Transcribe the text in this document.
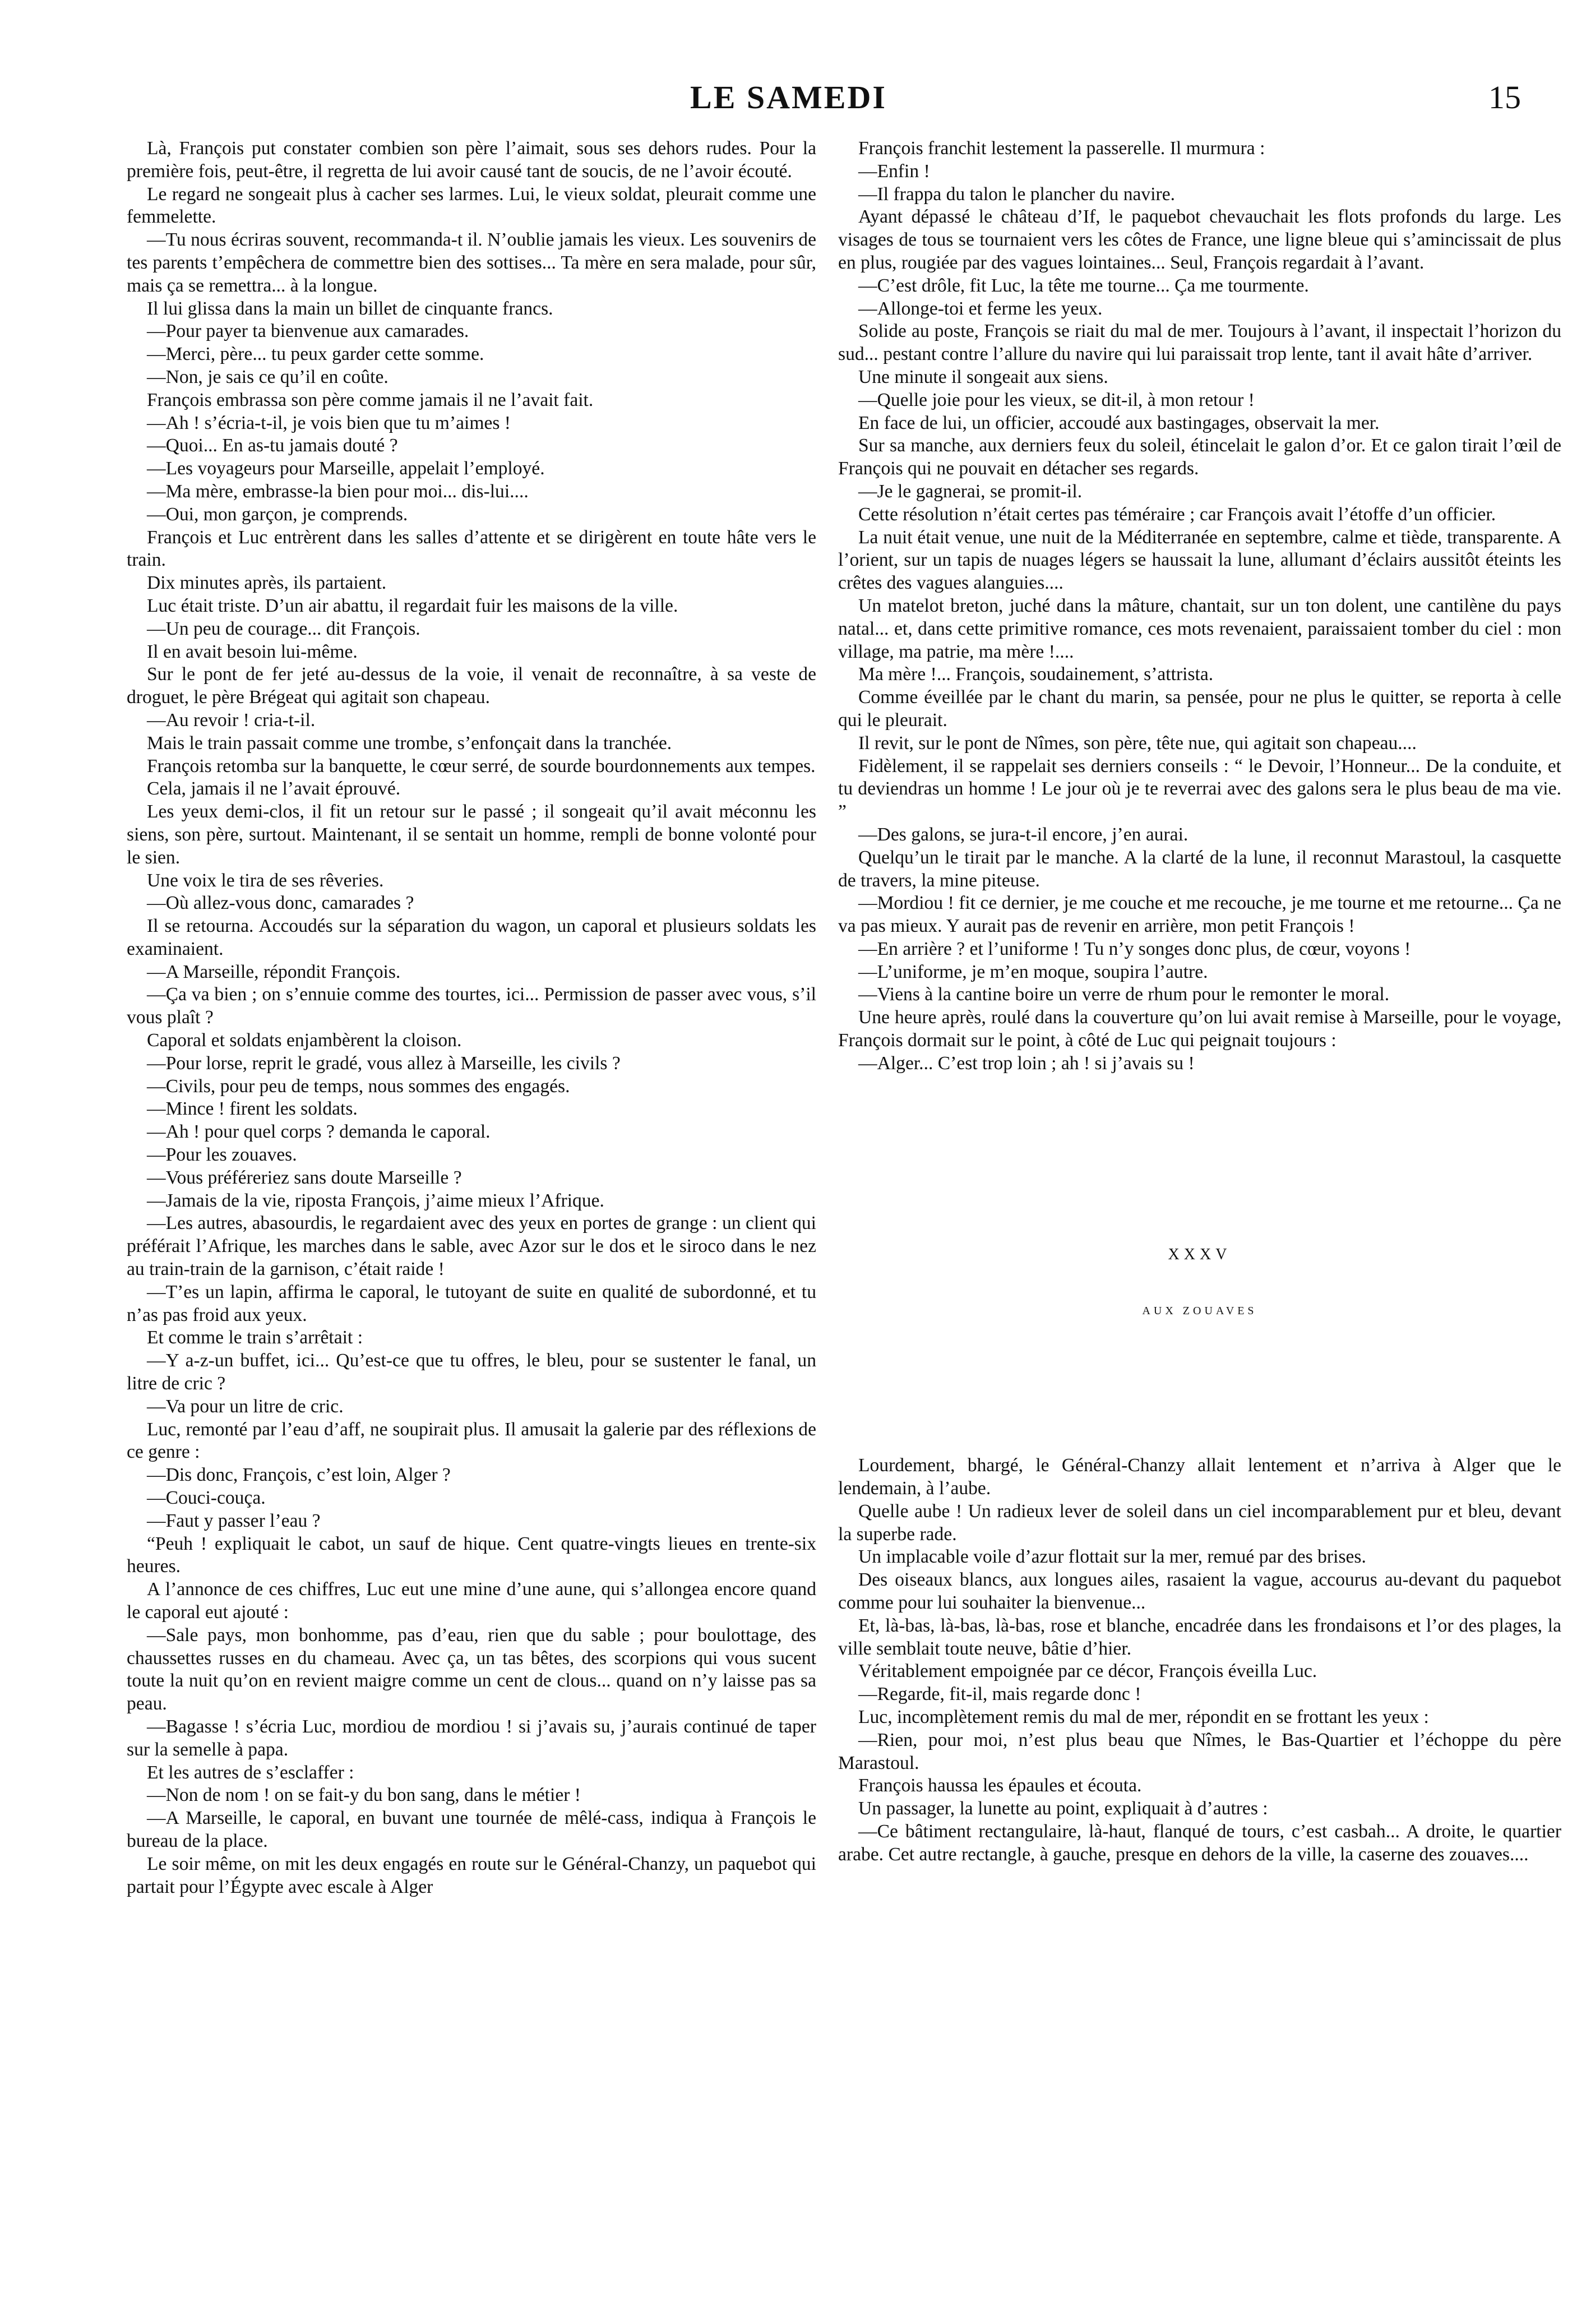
LE SAMEDI	15

Là, François put constater combien son père l’aimait, sous ses dehors rudes. Pour la première fois, peut-être, il regretta de lui avoir causé tant de soucis, de ne l’avoir écouté.

Le regard ne songeait plus à cacher ses larmes. Lui, le vieux soldat, pleurait comme une femmelette.

—Tu nous écriras souvent, recommanda-t il. N’oublie jamais les vieux. Les souvenirs de tes parents t’empêchera de commettre bien des sottises... Ta mère en sera malade, pour sûr, mais ça se remettra... à la longue.

Il lui glissa dans la main un billet de cinquante francs.

—Pour payer ta bienvenue aux camarades.

—Merci, père... tu peux garder cette somme.

—Non, je sais ce qu’il en coûte.

François embrassa son père comme jamais il ne l’avait fait.

—Ah ! s’écria-t-il, je vois bien que tu m’aimes !

—Quoi... En as-tu jamais douté ?

—Les voyageurs pour Marseille, appelait l’employé.

—Ma mère, embrasse-la bien pour moi... dis-lui....

—Oui, mon garçon, je comprends.

François et Luc entrèrent dans les salles d’attente et se dirigèrent en toute hâte vers le train.

Dix minutes après, ils partaient.

Luc était triste. D’un air abattu, il regardait fuir les maisons de la ville.

—Un peu de courage... dit François.

Il en avait besoin lui-même.

Sur le pont de fer jeté au-dessus de la voie, il venait de reconnaître, à sa veste de droguet, le père Brégeat qui agitait son chapeau.

—Au revoir ! cria-t-il.

Mais le train passait comme une trombe, s’enfonçait dans la tranchée.

François retomba sur la banquette, le cœur serré, de sourde bourdonnements aux tempes.

Cela, jamais il ne l’avait éprouvé.

Les yeux demi-clos, il fit un retour sur le passé ; il songeait qu’il avait méconnu les siens, son père, surtout. Maintenant, il se sentait un homme, rempli de bonne volonté pour le sien.

Une voix le tira de ses rêveries.

—Où allez-vous donc, camarades ?

Il se retourna. Accoudés sur la séparation du wagon, un caporal et plusieurs soldats les examinaient.

—A Marseille, répondit François.

—Ça va bien ; on s’ennuie comme des tourtes, ici... Permission de passer avec vous, s’il vous plaît ?

Caporal et soldats enjambèrent la cloison.

—Pour lorse, reprit le gradé, vous allez à Marseille, les civils ?

—Civils, pour peu de temps, nous sommes des engagés.

—Mince ! firent les soldats.

—Ah ! pour quel corps ? demanda le caporal.

—Pour les zouaves.

—Vous préféreriez sans doute Marseille ?

—Jamais de la vie, riposta François, j’aime mieux l’Afrique.

—Les autres, abasourdis, le regardaient avec des yeux en portes de grange : un client qui préférait l’Afrique, les marches dans le sable, avec Azor sur le dos et le siroco dans le nez au train-train de la garnison, c’était raide !

—T’es un lapin, affirma le caporal, le tutoyant de suite en qualité de subordonné, et tu n’as pas froid aux yeux.

Et comme le train s’arrêtait :

—Y a-z-un buffet, ici... Qu’est-ce que tu offres, le bleu, pour se sustenter le fanal, un litre de cric ?

—Va pour un litre de cric.

Luc, remonté par l’eau d’aff, ne soupirait plus. Il amusait la galerie par des réflexions de ce genre :

—Dis donc, François, c’est loin, Alger ?

—Couci-couça.

—Faut y passer l’eau ?

“Peuh ! expliquait le cabot, un sauf de hique. Cent quatre-vingts lieues en trente-six heures.

A l’annonce de ces chiffres, Luc eut une mine d’une aune, qui s’allongea encore quand le caporal eut ajouté :

—Sale pays, mon bonhomme, pas d’eau, rien que du sable ; pour boulottage, des chaussettes russes en du chameau. Avec ça, un tas bêtes, des scorpions qui vous sucent toute la nuit qu’on en revient maigre comme un cent de clous... quand on n’y laisse pas sa peau.

—Bagasse ! s’écria Luc, mordiou de mordiou ! si j’avais su, j’aurais continué de taper sur la semelle à papa.

Et les autres de s’esclaffer :

—Non de nom ! on se fait-y du bon sang, dans le métier !

—A Marseille, le caporal, en buvant une tournée de mêlé-cass, indiqua à François le bureau de la place.

Le soir même, on mit les deux engagés en route sur le Général-Chanzy, un paquebot qui partait pour l’Égypte avec escale à Alger

François franchit lestement la passerelle. Il murmura :

—Enfin !

—Il frappa du talon le plancher du navire.

Ayant dépassé le château d’If, le paquebot chevauchait les flots profonds du large. Les visages de tous se tournaient vers les côtes de France, une ligne bleue qui s’amincissait de plus en plus, rougiée par des vagues lointaines... Seul, François regardait à l’avant.

—C’est drôle, fit Luc, la tête me tourne... Ça me tourmente.

—Allonge-toi et ferme les yeux.

Solide au poste, François se riait du mal de mer. Toujours à l’avant, il inspectait l’horizon du sud... pestant contre l’allure du navire qui lui paraissait trop lente, tant il avait hâte d’arriver.

Une minute il songeait aux siens.

—Quelle joie pour les vieux, se dit-il, à mon retour !

En face de lui, un officier, accoudé aux bastingages, observait la mer.

Sur sa manche, aux derniers feux du soleil, étincelait le galon d’or. Et ce galon tirait l’œil de François qui ne pouvait en détacher ses regards.

—Je le gagnerai, se promit-il.

Cette résolution n’était certes pas téméraire ; car François avait l’étoffe d’un officier.

La nuit était venue, une nuit de la Méditerranée en septembre, calme et tiède, transparente. A l’orient, sur un tapis de nuages légers se haussait la lune, allumant d’éclairs aussitôt éteints les crêtes des vagues alanguies....

Un matelot breton, juché dans la mâture, chantait, sur un ton dolent, une cantilène du pays natal... et, dans cette primitive romance, ces mots revenaient, paraissaient tomber du ciel : mon village, ma patrie, ma mère !....

Ma mère !... François, soudainement, s’attrista.

Comme éveillée par le chant du marin, sa pensée, pour ne plus le quitter, se reporta à celle qui le pleurait.

Il revit, sur le pont de Nîmes, son père, tête nue, qui agitait son chapeau....

Fidèlement, il se rappelait ses derniers conseils : “ le Devoir, l’Honneur... De la conduite, et tu deviendras un homme ! Le jour où je te reverrai avec des galons sera le plus beau de ma vie. ”

—Des galons, se jura-t-il encore, j’en aurai.

Quelqu’un le tirait par le manche. A la clarté de la lune, il reconnut Marastoul, la casquette de travers, la mine piteuse.

—Mordiou ! fit ce dernier, je me couche et me recouche, je me tourne et me retourne... Ça ne va pas mieux. Y aurait pas de revenir en arrière, mon petit François !

—En arrière ? et l’uniforme ! Tu n’y songes donc plus, de cœur, voyons !

—L’uniforme, je m’en moque, soupira l’autre.

—Viens à la cantine boire un verre de rhum pour le remonter le moral.

Une heure après, roulé dans la couverture qu’on lui avait remise à Marseille, pour le voyage, François dormait sur le point, à côté de Luc qui peignait toujours :

—Alger... C’est trop loin ; ah ! si j’avais su !

XXXV
AUX ZOUAVES

Lourdement, bhargé, le Général-Chanzy allait lentement et n’arriva à Alger que le lendemain, à l’aube.

Quelle aube ! Un radieux lever de soleil dans un ciel incomparablement pur et bleu, devant la superbe rade.

Un implacable voile d’azur flottait sur la mer, remué par des brises.

Des oiseaux blancs, aux longues ailes, rasaient la vague, accourus au-devant du paquebot comme pour lui souhaiter la bienvenue...

Et, là-bas, là-bas, là-bas, rose et blanche, encadrée dans les frondaisons et l’or des plages, la ville semblait toute neuve, bâtie d’hier.

Véritablement empoignée par ce décor, François éveilla Luc.

—Regarde, fit-il, mais regarde donc !

Luc, incomplètement remis du mal de mer, répondit en se frottant les yeux :

—Rien, pour moi, n’est plus beau que Nîmes, le Bas-Quartier et l’échoppe du père Marastoul.

François haussa les épaules et écouta.

Un passager, la lunette au point, expliquait à d’autres :

—Ce bâtiment rectangulaire, là-haut, flanqué de tours, c’est casbah... A droite, le quartier arabe. Cet autre rectangle, à gauche, presque en dehors de la ville, la caserne des zouaves....
